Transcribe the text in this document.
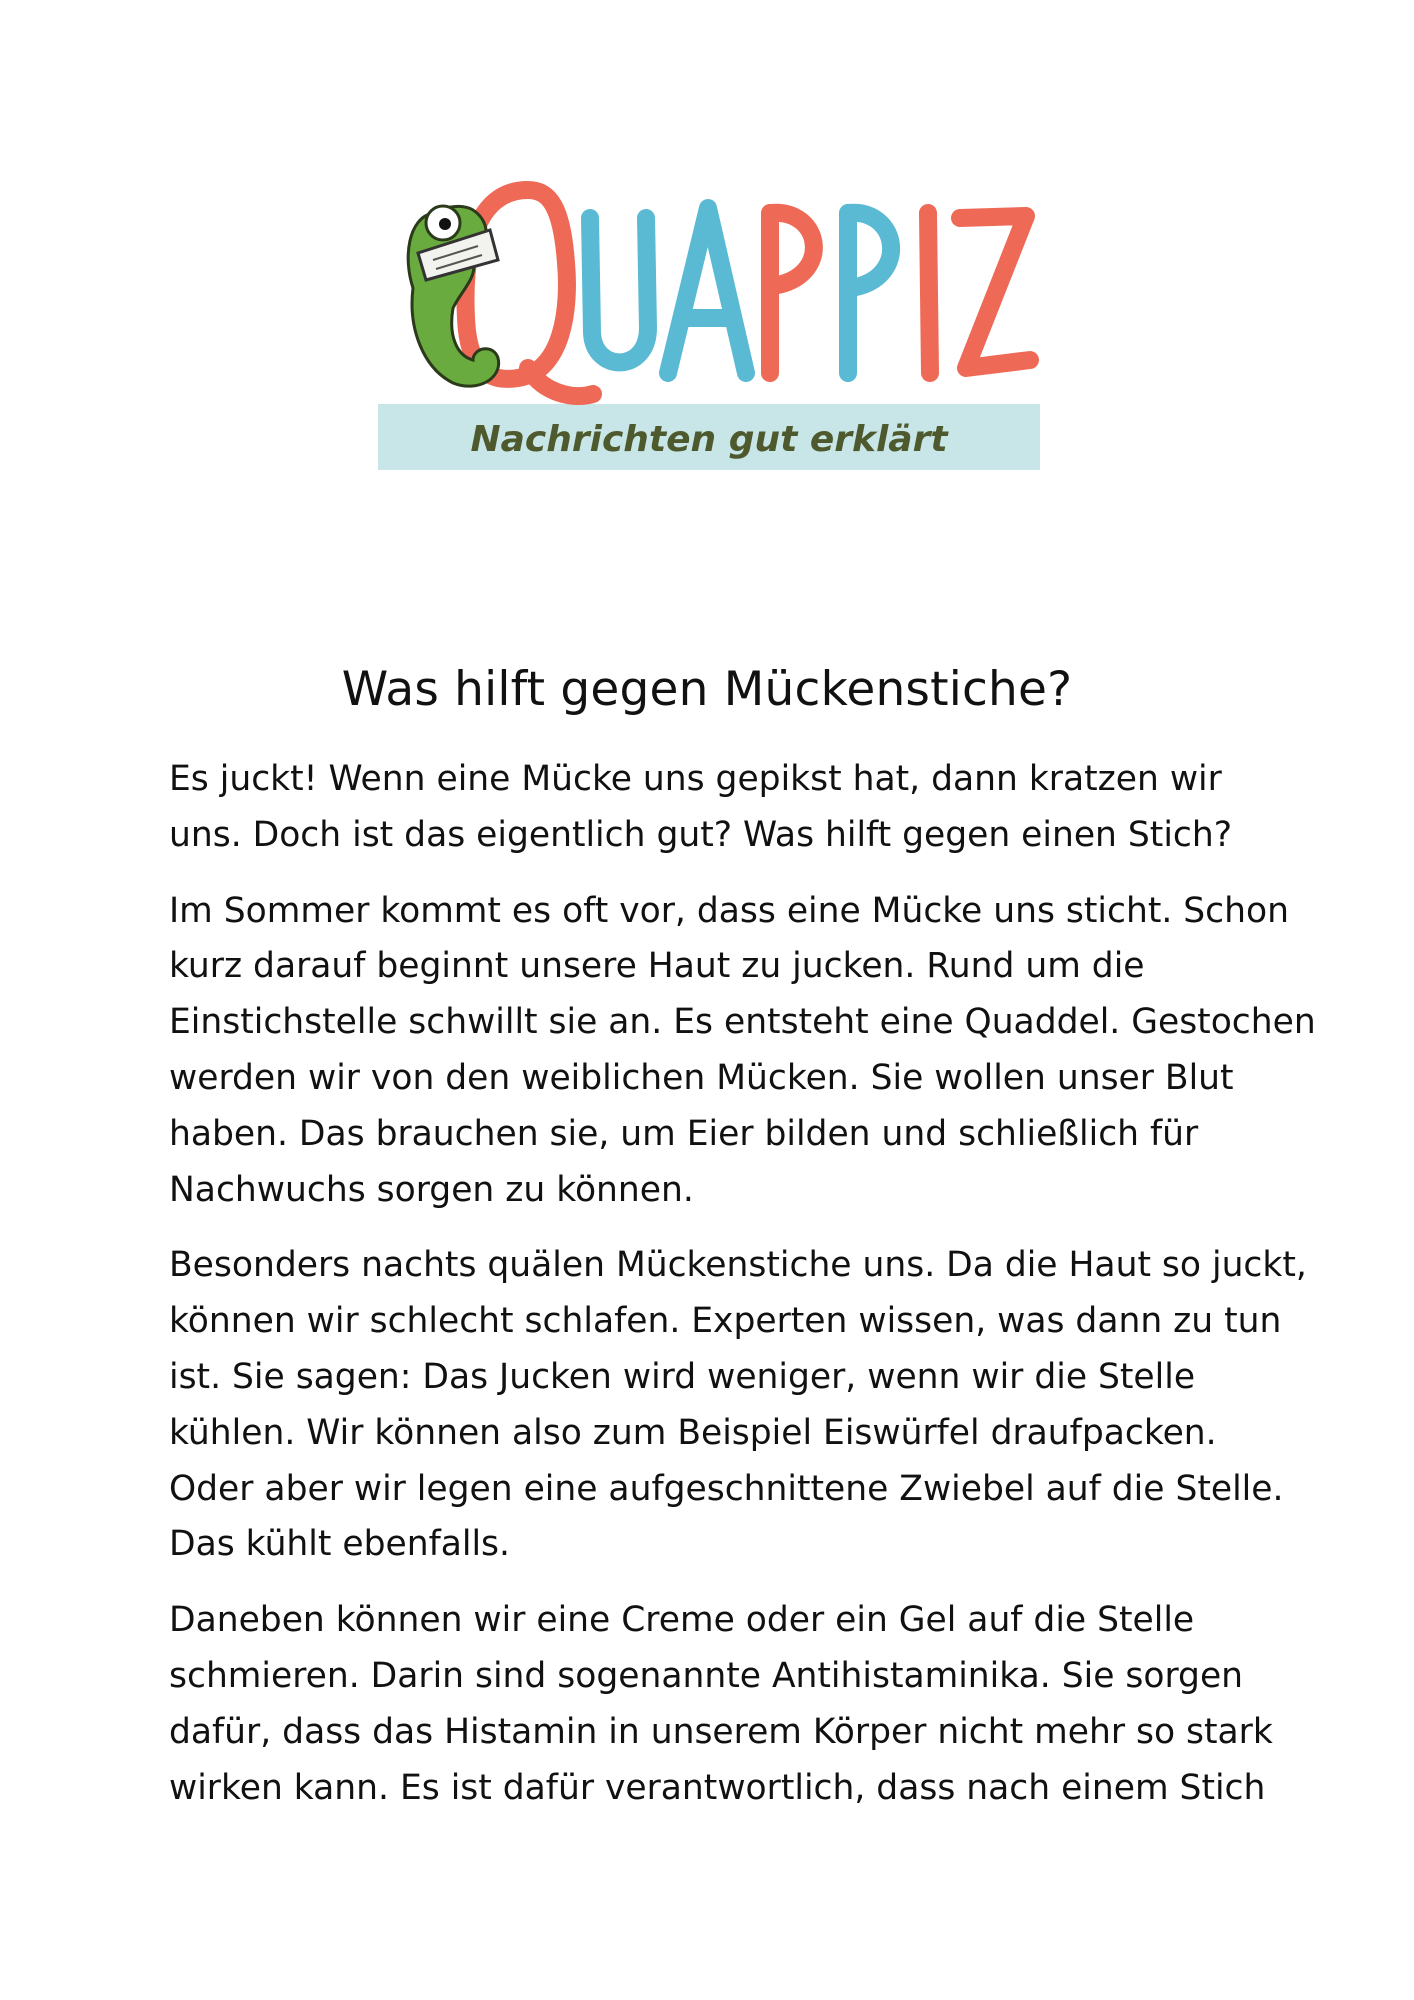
Nachrichten gut erklärt
Was hilft gegen Mückenstiche?

Es juckt! Wenn eine Mücke uns gepikst hat, dann kratzen wir
uns. Doch ist das eigentlich gut? Was hilft gegen einen Stich?

Im Sommer kommt es oft vor, dass eine Mücke uns sticht. Schon
kurz darauf beginnt unsere Haut zu jucken. Rund um die
Einstichstelle schwillt sie an. Es entsteht eine Quaddel. Gestochen
werden wir von den weiblichen Mücken. Sie wollen unser Blut
haben. Das brauchen sie, um Eier bilden und schließlich für
Nachwuchs sorgen zu können.

Besonders nachts quälen Mückenstiche uns. Da die Haut so juckt,
können wir schlecht schlafen. Experten wissen, was dann zu tun
ist. Sie sagen: Das Jucken wird weniger, wenn wir die Stelle
kühlen. Wir können also zum Beispiel Eiswürfel draufpacken.
Oder aber wir legen eine aufgeschnittene Zwiebel auf die Stelle.
Das kühlt ebenfalls.

Daneben können wir eine Creme oder ein Gel auf die Stelle
schmieren. Darin sind sogenannte Antihistaminika. Sie sorgen
dafür, dass das Histamin in unserem Körper nicht mehr so stark
wirken kann. Es ist dafür verantwortlich, dass nach einem Stich
